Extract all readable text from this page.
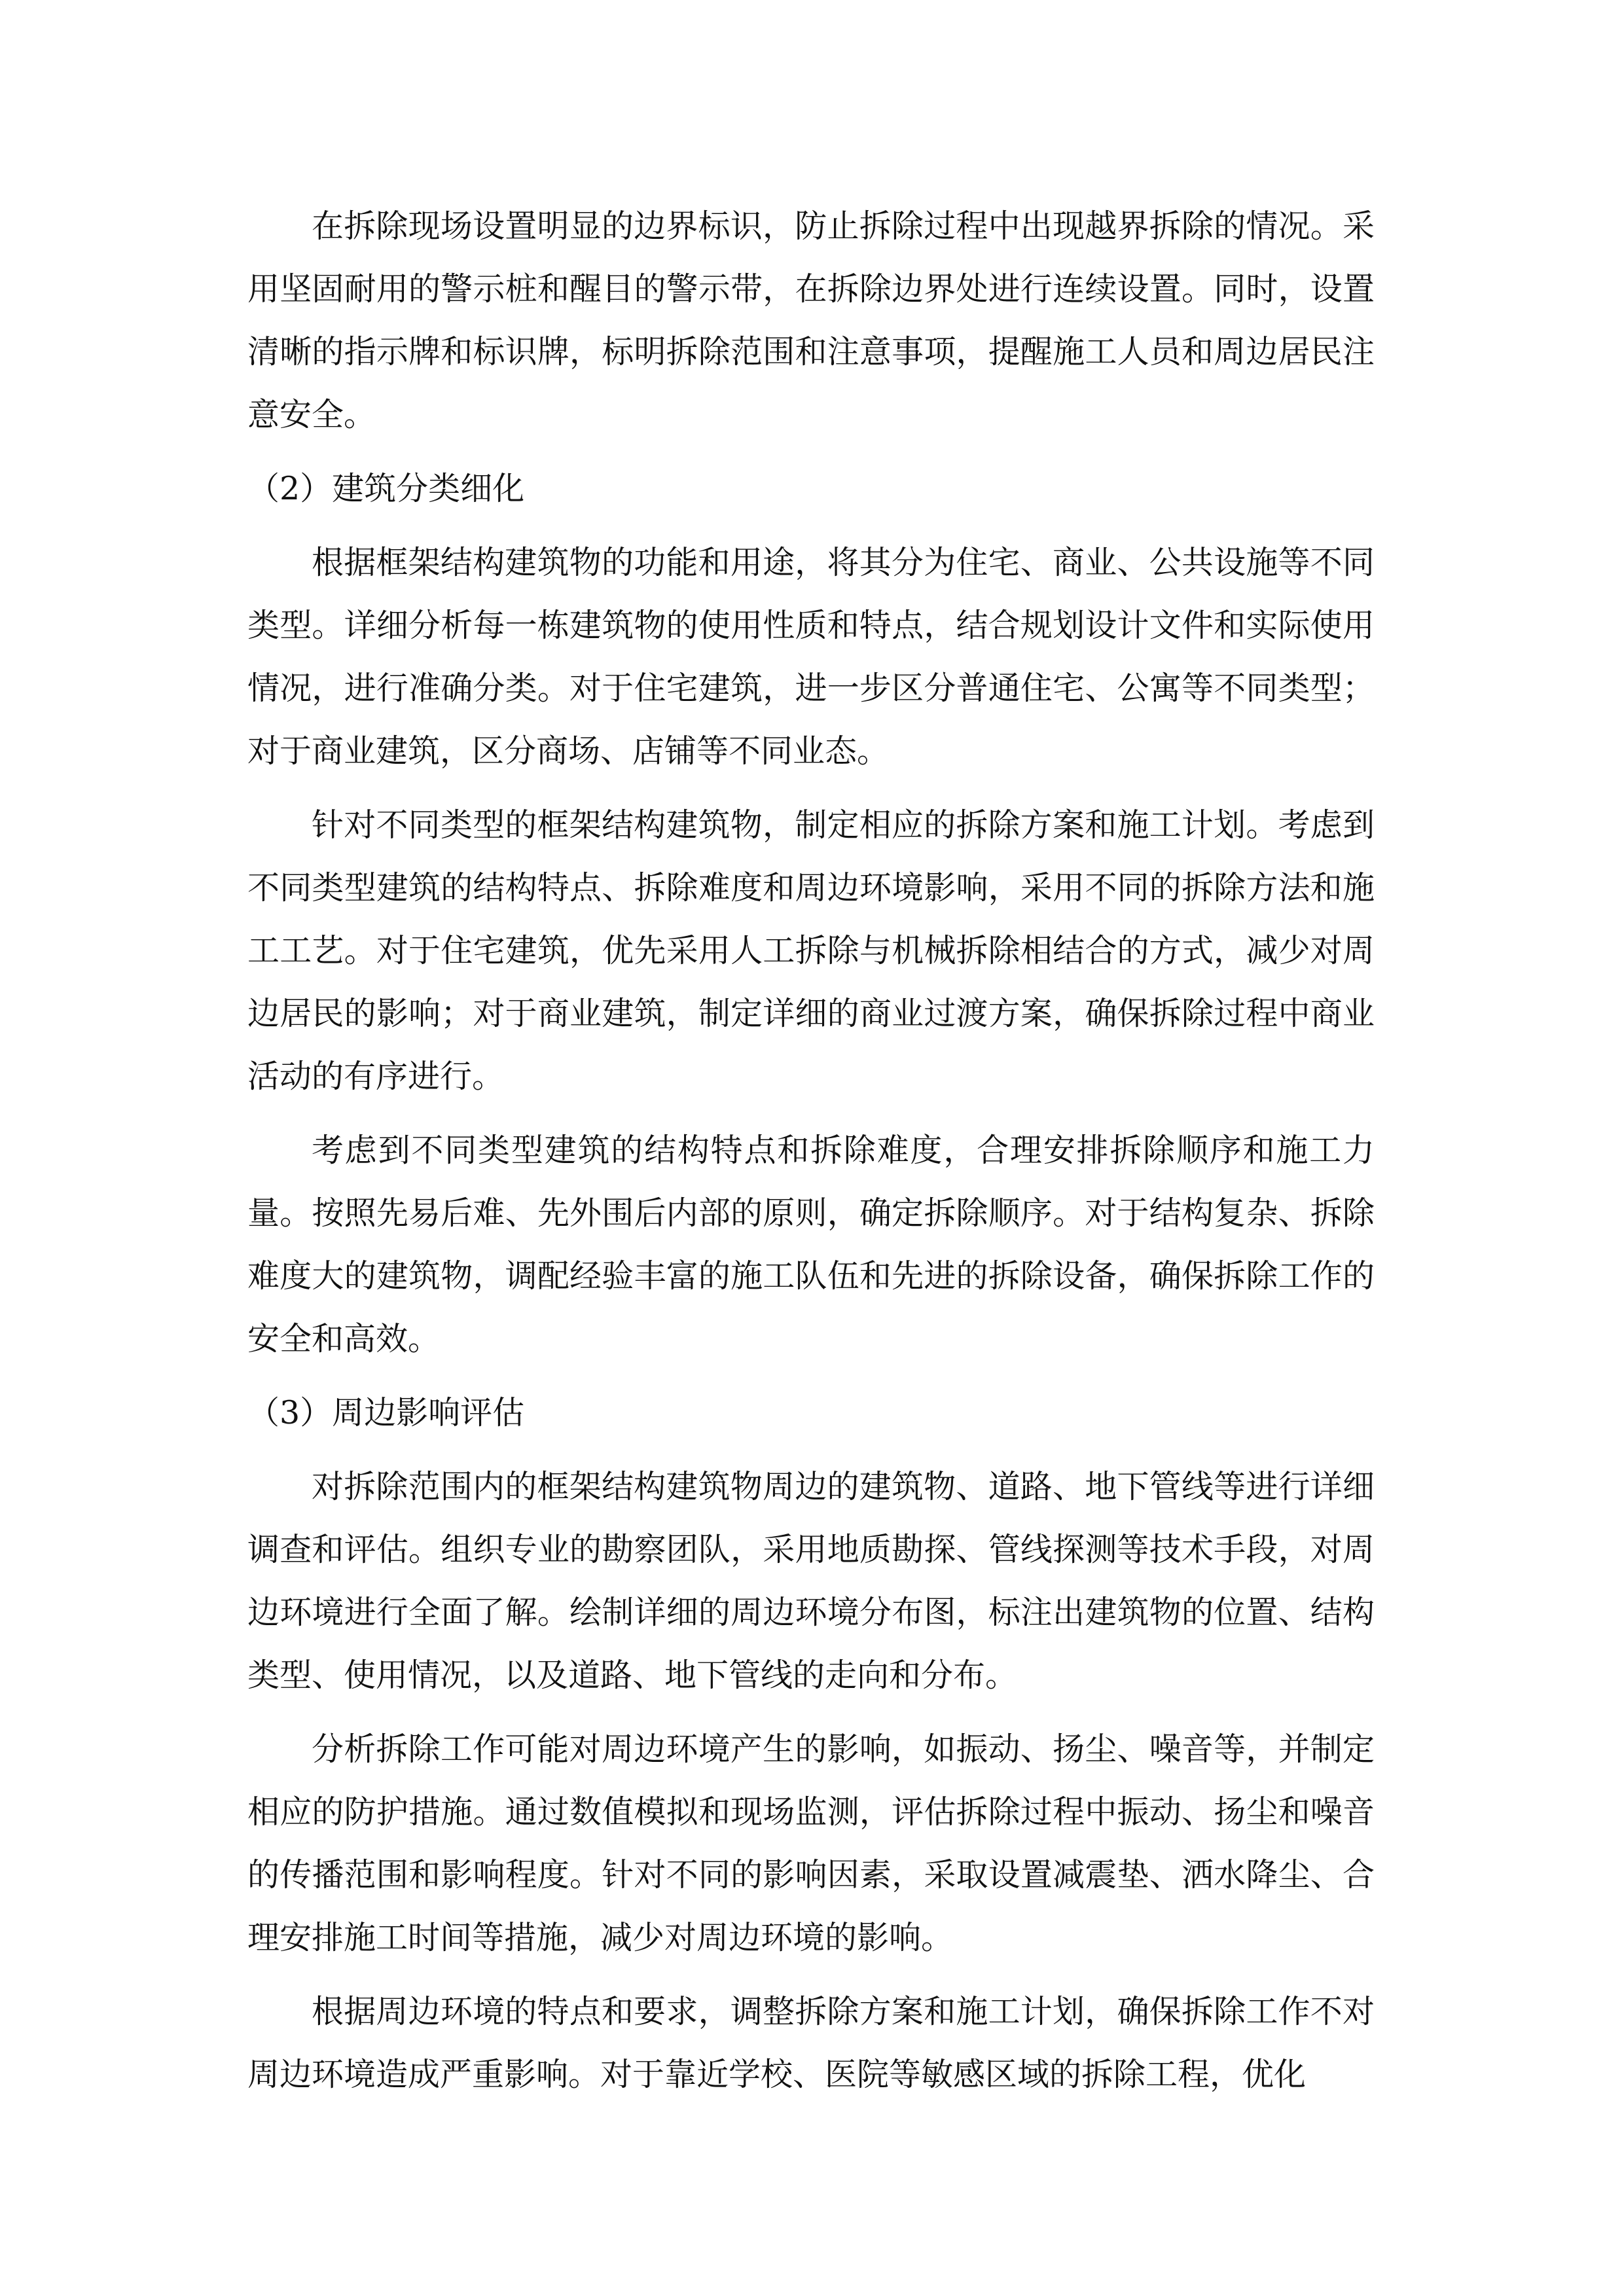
在拆除现场设置明显的边界标识，防止拆除过程中出现越界拆除的情况。采用坚固耐用的警示桩和醒目的警示带，在拆除边界处进行连续设置。同时，设置清晰的指示牌和标识牌，标明拆除范围和注意事项，提醒施工人员和周边居民注意安全。

（2）建筑分类细化

根据框架结构建筑物的功能和用途，将其分为住宅、商业、公共设施等不同类型。详细分析每一栋建筑物的使用性质和特点，结合规划设计文件和实际使用情况，进行准确分类。对于住宅建筑，进一步区分普通住宅、公寓等不同类型；对于商业建筑，区分商场、店铺等不同业态。

针对不同类型的框架结构建筑物，制定相应的拆除方案和施工计划。考虑到不同类型建筑的结构特点、拆除难度和周边环境影响，采用不同的拆除方法和施工工艺。对于住宅建筑，优先采用人工拆除与机械拆除相结合的方式，减少对周边居民的影响；对于商业建筑，制定详细的商业过渡方案，确保拆除过程中商业活动的有序进行。

考虑到不同类型建筑的结构特点和拆除难度，合理安排拆除顺序和施工力量。按照先易后难、先外围后内部的原则，确定拆除顺序。对于结构复杂、拆除难度大的建筑物，调配经验丰富的施工队伍和先进的拆除设备，确保拆除工作的安全和高效。

（3）周边影响评估

对拆除范围内的框架结构建筑物周边的建筑物、道路、地下管线等进行详细调查和评估。组织专业的勘察团队，采用地质勘探、管线探测等技术手段，对周边环境进行全面了解。绘制详细的周边环境分布图，标注出建筑物的位置、结构类型、使用情况，以及道路、地下管线的走向和分布。

分析拆除工作可能对周边环境产生的影响，如振动、扬尘、噪音等，并制定相应的防护措施。通过数值模拟和现场监测，评估拆除过程中振动、扬尘和噪音的传播范围和影响程度。针对不同的影响因素，采取设置减震垫、洒水降尘、合理安排施工时间等措施，减少对周边环境的影响。

根据周边环境的特点和要求，调整拆除方案和施工计划，确保拆除工作不对周边环境造成严重影响。对于靠近学校、医院等敏感区域的拆除工程，优化
